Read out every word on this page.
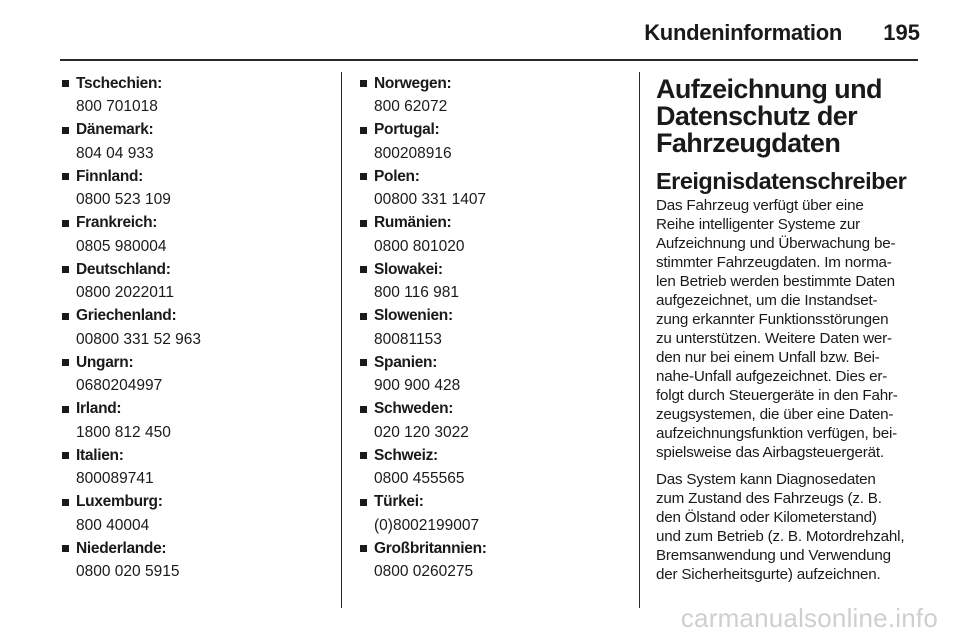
Kundeninformation 195
Tschechien:
800 701018
Dänemark:
804 04 933
Finnland:
0800 523 109
Frankreich:
0805 980004
Deutschland:
0800 2022011
Griechenland:
00800 331 52 963
Ungarn:
0680204997
Irland:
1800 812 450
Italien:
800089741
Luxemburg:
800 40004
Niederlande:
0800 020 5915
Norwegen:
800 62072
Portugal:
800208916
Polen:
00800 331 1407
Rumänien:
0800 801020
Slowakei:
800 116 981
Slowenien:
80081153
Spanien:
900 900 428
Schweden:
020 120 3022
Schweiz:
0800 455565
Türkei:
(0)8002199007
Großbritannien:
0800 0260275
Aufzeichnung und
Datenschutz der
Fahrzeugdaten
Ereignisdatenschreiber

Das Fahrzeug verfügt über eine
Reihe intelligenter Systeme zur
Aufzeichnung und Überwachung be-
stimmter Fahrzeugdaten. Im norma-
len Betrieb werden bestimmte Daten
aufgezeichnet, um die Instandset-
zung erkannter Funktionsstörungen
zu unterstützen. Weitere Daten wer-
den nur bei einem Unfall bzw. Bei-
nahe-Unfall aufgezeichnet. Dies er-
folgt durch Steuergeräte in den Fahr-
zeugsystemen, die über eine Daten-
aufzeichnungsfunktion verfügen, bei-
spielsweise das Airbagsteuergerät.

Das System kann Diagnosedaten
zum Zustand des Fahrzeugs (z. B.
den Ölstand oder Kilometerstand)
und zum Betrieb (z. B. Motordrehzahl,
Bremsanwendung und Verwendung
der Sicherheitsgurte) aufzeichnen.

carmanualsonline.info
